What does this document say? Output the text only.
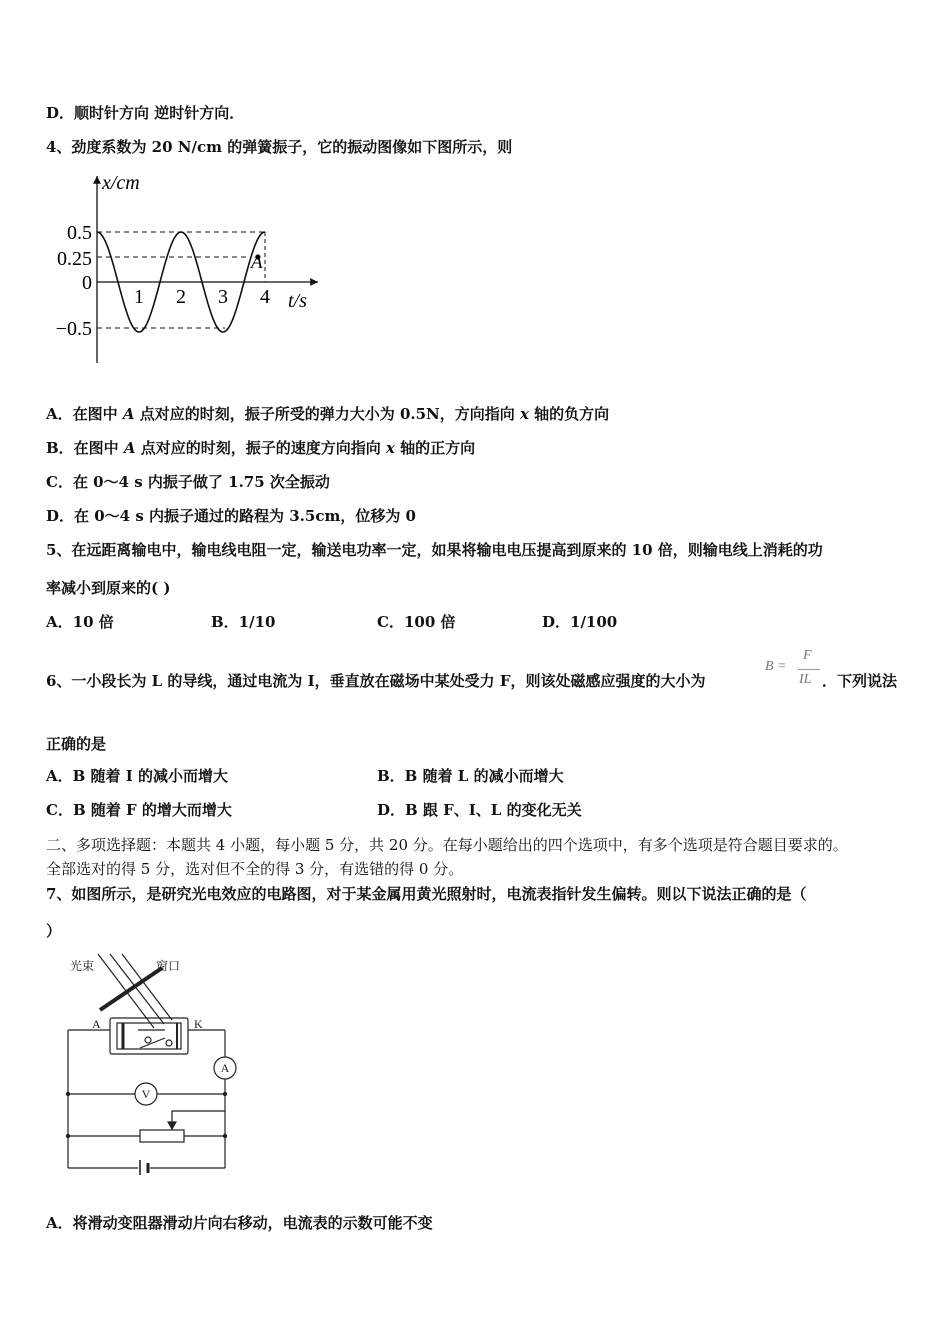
D．顺时针方向 逆时针方向．
4、劲度系数为 20 N/cm 的弹簧振子，它的振动图像如下图所示，则
x/cm
t/s
0.5
0.25
0
−0.5
1 2 3 4
A
A．在图中 A 点对应的时刻，振子所受的弹力大小为 0.5N，方向指向 x 轴的负方向
B．在图中 A 点对应的时刻，振子的速度方向指向 x 轴的正方向
C．在 0～4 s 内振子做了 1.75 次全振动
D．在 0～4 s 内振子通过的路程为 3.5cm，位移为 0
5、在远距离输电中，输电线电阻一定，输送电功率一定，如果将输电电压提高到原来的 10 倍，则输电线上消耗的功
率减小到原来的( )
A．10 倍	B．1/10	C．100 倍	D．1/100
6、一小段长为 L 的导线，通过电流为 I，垂直放在磁场中某处受力 F，则该处磁感应强度的大小为
B =
F
IL ．下列说法
正确的是
A．B 随着 I 的减小而增大	B．B 随着 L 的减小而增大
C．B 随着 F 的增大而增大	D．B 跟 F、I、L 的变化无关
二、多项选择题：本题共 4 小题，每小题 5 分，共 20 分。在每小题给出的四个选项中，有多个选项是符合题目要求的。
全部选对的得 5 分，选对但不全的得 3 分，有选错的得 0 分。
7、如图所示，是研究光电效应的电路图，对于某金属用黄光照射时，电流表指针发生偏转。则以下说法正确的是（
）
光束	窗口
A	K
A
V
A．将滑动变阻器滑动片向右移动，电流表的示数可能不变
